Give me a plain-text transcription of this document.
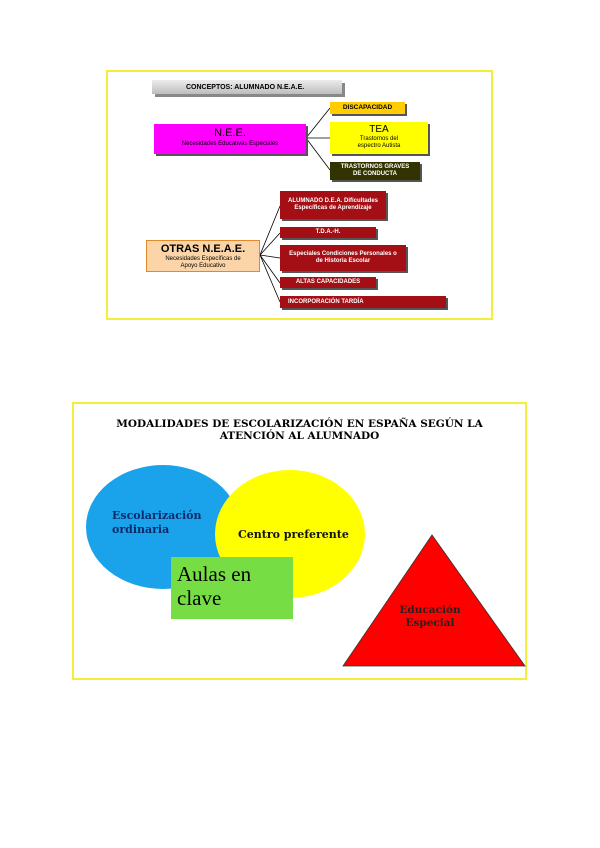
CONCEPTOS: ALUMNADO N.E.A.E.
N.E.E.
Necesidades Educativas Especiales
DISCAPACIDAD
TEA
Trastornos del espectro Autista
TRASTORNOS GRAVES DE CONDUCTA
OTRAS N.E.A.E.
Necesidades Específicas de Apoyo Educativo
ALUMNADO D.E.A. Dificultades Específicas de Aprendizaje
T.D.A.-H.
Especiales Condiciones Personales o de Historia Escolar
ALTAS CAPACIDADES
INCORPORACIÓN TARDÍA
MODALIDADES DE ESCOLARIZACIÓN EN ESPAÑA SEGÚN LA
ATENCIÓN AL ALUMNADO
Escolarización ordinaria	Centro preferente
Aulas en clave	Educación Especial
